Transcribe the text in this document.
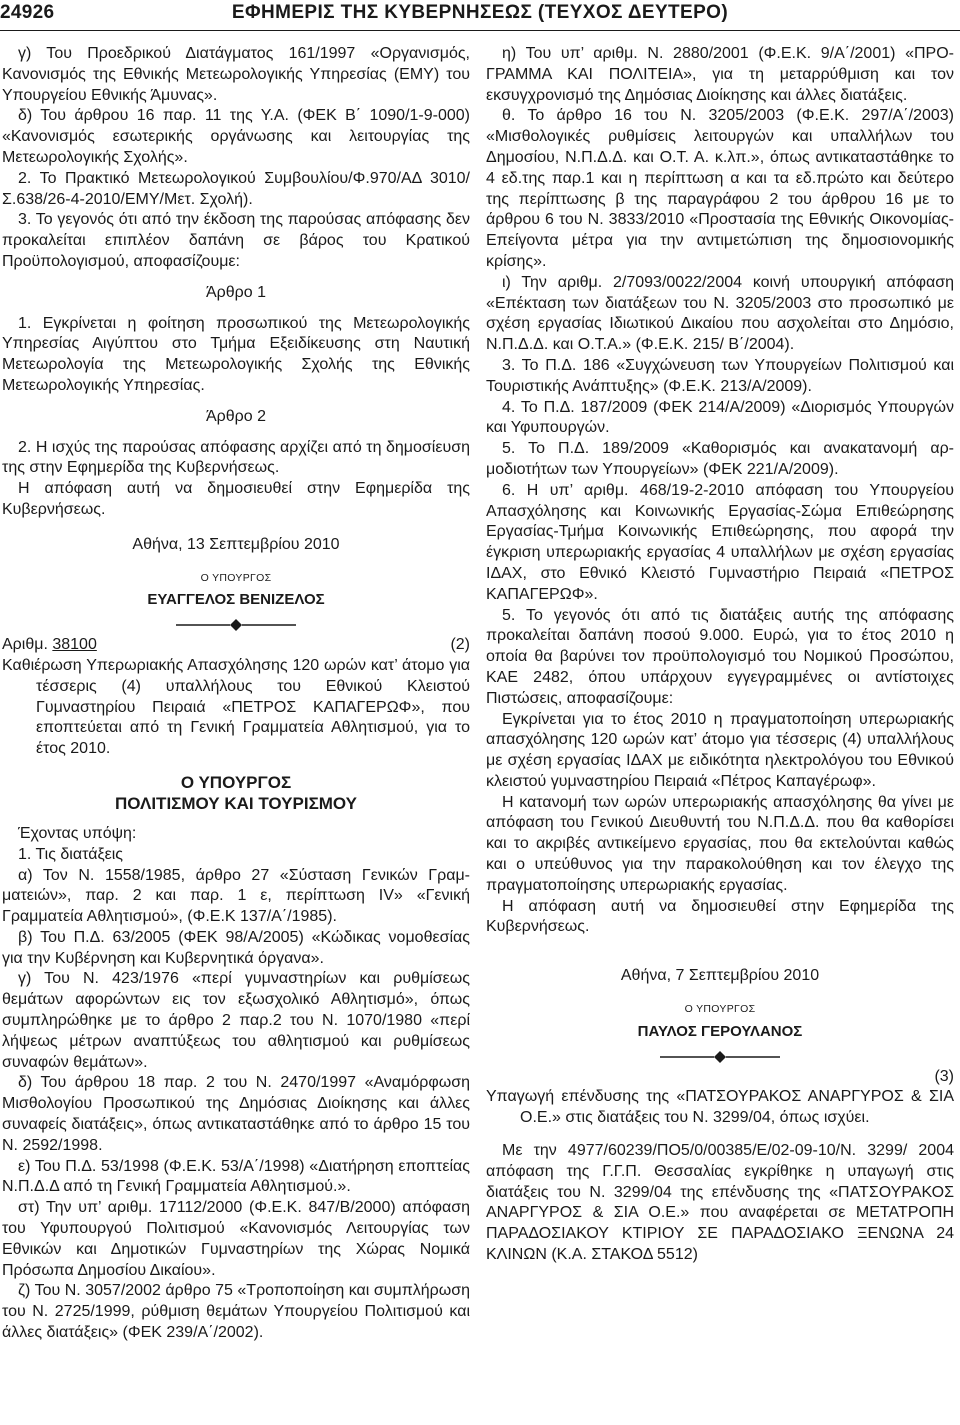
24926	ΕΦΗΜΕΡΙΣ ΤΗΣ ΚΥΒΕΡΝΗΣΕΩΣ (ΤΕΥΧΟΣ ΔΕΥΤΕΡΟ)

γ) Του Προεδρικού Διατάγματος 161/1997 «Οργανισμός, Κανονισμός της Εθνικής Μετεωρολογικής Υπηρεσίας (ΕΜΥ) του Υπουργείου Εθνικής Άμυνας».

δ) Του άρθρου 16 παρ. 11 της Υ.Α. (ΦΕΚ Β΄ 1090/1-9-000) «Κανονισμός εσωτερικής οργάνωσης και λειτουργίας της Μετεωρολογικής Σχολής».

2. Το Πρακτικό Μετεωρολογικού Συμβουλίου/Φ.970/ΑΔ 3010/Σ.638/26-4-2010/ΕΜΥ/Μετ. Σχολή).

3. Το γεγονός ότι από την έκδοση της παρούσας απόφασης δεν προκαλείται επιπλέον δαπάνη σε βάρος του Κρατικού Προϋπολογισμού, αποφασίζουμε:

Άρθρο 1

1. Εγκρίνεται η φοίτηση προσωπικού της Μετεωρολογικής Υπηρεσίας Αιγύπτου στο Τμήμα Εξειδίκευσης στη Ναυτική Μετεωρολογία της Μετεωρολογικής Σχολής της Εθνικής Μετεωρολογικής Υπηρεσίας.

Άρθρο 2

2. Η ισχύς της παρούσας απόφασης αρχίζει από τη δημοσίευση της στην Εφημερίδα της Κυβερνήσεως.

Η απόφαση αυτή να δημοσιευθεί στην Εφημερίδα της Κυβερνήσεως.

Αθήνα, 13 Σεπτεμβρίου 2010

Ο ΥΠΟΥΡΓΟΣ

ΕΥΑΓΓΕΛΟΣ ΒΕΝΙΖΕΛΟΣ

Αριθμ. 38100	(2)

Καθιέρωση Υπερωριακής Απασχόλησης 120 ωρών κατ’ άτομο για τέσσερις (4) υπαλλήλους του Εθνικού Κλειστού Γυμναστηρίου Πειραιά «ΠΕΤΡΟΣ ΚΑΠΑΓΕΡΩΦ», που εποπτεύεται από τη Γενική Γραμματεία Αθλητισμού, για το έτος 2010.

Ο ΥΠΟΥΡΓΟΣ

ΠΟΛΙΤΙΣΜΟΥ ΚΑΙ ΤΟΥΡΙΣΜΟΥ

Έχοντας υπόψη:

1. Τις διατάξεις

α) Τον Ν. 1558/1985, άρθρο 27 «Σύσταση Γενικών Γραμματειών», παρ. 2 και παρ. 1 ε, περίπτωση IV» «Γενική Γραμματεία Αθλητισμού», (Φ.Ε.Κ 137/Α΄/1985).

β) Του Π.Δ. 63/2005 (ΦΕΚ 98/Α/2005) «Κώδικας νομοθεσίας για την Κυβέρνηση και Κυβερνητικά όργανα».

γ) Του Ν. 423/1976 «περί γυμναστηρίων και ρυθμίσεως θεμάτων αφορώντων εις τον εξωσχολικό Αθλητισμό», όπως συμπληρώθηκε με το άρθρο 2 παρ.2 του Ν. 1070/1980 «περί λήψεως μέτρων αναπτύξεως του αθλητισμού και ρυθμίσεως συναφών θεμάτων».

δ) Του άρθρου 18 παρ. 2 του Ν. 2470/1997 «Αναμόρφωση Μισθολογίου Προσωπικού της Δημόσιας Διοίκησης και άλλες συναφείς διατάξεις», όπως αντικαταστάθηκε από το άρθρο 15 του Ν. 2592/1998.

ε) Του Π.Δ. 53/1998 (Φ.Ε.Κ. 53/Α΄/1998) «Διατήρηση εποπτείας Ν.Π.Δ.Δ από τη Γενική Γραμματεία Αθλητισμού.».

στ) Την υπ’ αριθμ. 17112/2000 (Φ.Ε.Κ. 847/Β/2000) απόφαση του Υφυπουργού Πολιτισμού «Κανονισμός Λειτουργίας των Εθνικών και Δημοτικών Γυμναστηρίων της Χώρας Νομικά Πρόσωπα Δημοσίου Δικαίου».

ζ) Του Ν. 3057/2002 άρθρο 75 «Τροποποίηση και συμπλήρωση του Ν. 2725/1999, ρύθμιση θεμάτων Υπουργείου Πολιτισμού και άλλες διατάξεις» (ΦΕΚ 239/Α΄/2002).

η) Του υπ’ αριθμ. Ν. 2880/2001 (Φ.Ε.Κ. 9/Α΄/2001) «ΠΡΟΓΡΑΜΜΑ ΚΑΙ ΠΟΛΙΤΕΙΑ», για τη μεταρρύθμιση και τον εκσυγχρονισμό της Δημόσιας Διοίκησης και άλλες διατάξεις.

θ. Το άρθρο 16 του Ν. 3205/2003 (Φ.Ε.Κ. 297/Α΄/2003) «Μισθολογικές ρυθμίσεις λειτουργών και υπαλλήλων του Δημοσίου, Ν.Π.Δ.Δ. και Ο.Τ. Α. κ.λπ.», όπως αντικαταστάθηκε το 4 εδ.της παρ.1 και η περίπτωση α και τα εδ.πρώτο και δεύτερο της περίπτωσης β της παραγράφου 2 του άρθρου 16 με το άρθρου 6 του Ν. 3833/2010 «Προστασία της Εθνικής Οικονομίας-Επείγοντα μέτρα για την αντιμετώπιση της δημοσιονομικής κρίσης».

ι) Την αριθμ. 2/7093/0022/2004 κοινή υπουργική απόφαση «Επέκταση των διατάξεων του Ν. 3205/2003 στο προσωπικό με σχέση εργασίας Ιδιωτικού Δικαίου που ασχολείται στο Δημόσιο, Ν.Π.Δ.Δ. και Ο.Τ.Α.» (Φ.Ε.Κ. 215/ Β΄/2004).

3. Το Π.Δ. 186 «Συγχώνευση των Υπουργείων Πολιτισμού και Τουριστικής Ανάπτυξης» (Φ.Ε.Κ. 213/Α/2009).

4. Το Π.Δ. 187/2009 (ΦΕΚ 214/Α/2009) «Διορισμός Υπουργών και Υφυπουργών.

5. Το Π.Δ. 189/2009 «Καθορισμός και ανακατανομή αρμοδιοτήτων των Υπουργείων» (ΦΕΚ 221/Α/2009).

6. Η υπ’ αριθμ. 468/19-2-2010 απόφαση του Υπουργείου Απασχόλησης και Κοινωνικής Εργασίας-Σώμα Επιθεώρησης Εργασίας-Τμήμα Κοινωνικής Επιθεώρησης, που αφορά την έγκριση υπερωριακής εργασίας 4 υπαλλήλων με σχέση εργασίας ΙΔΑΧ, στο Εθνικό Κλειστό Γυμναστήριο Πειραιά «ΠΕΤΡΟΣ ΚΑΠΑΓΕΡΩΦ».

5. Το γεγονός ότι από τις διατάξεις αυτής της απόφασης προκαλείται δαπάνη ποσού 9.000. Ευρώ, για το έτος 2010 η οποία θα βαρύνει τον προϋπολογισμό του Νομικού Προσώπου, ΚΑΕ 2482, όπου υπάρχουν εγγεγραμμένες οι αντίστοιχες Πιστώσεις, αποφασίζουμε:

Εγκρίνεται για το έτος 2010 η πραγματοποίηση υπερωριακής απασχόλησης 120 ωρών κατ’ άτομο για τέσσερις (4) υπαλλήλους με σχέση εργασίας ΙΔΑΧ με ειδικότητα ηλεκτρολόγου του Εθνικού κλειστού γυμναστηρίου Πειραιά «Πέτρος Καπαγέρωφ».

Η κατανομή των ωρών υπερωριακής απασχόλησης θα γίνει με απόφαση του Γενικού Διευθυντή του Ν.Π.Δ.Δ. που θα καθορίσει και το ακριβές αντικείμενο εργασίας, που θα εκτελούνται καθώς και ο υπεύθυνος για την παρακολούθηση και τον έλεγχο της πραγματοποίησης υπερωριακής εργασίας.

Η απόφαση αυτή να δημοσιευθεί στην Εφημερίδα της Κυβερνήσεως.

Αθήνα, 7 Σεπτεμβρίου 2010

Ο ΥΠΟΥΡΓΟΣ

ΠΑΥΛΟΣ ΓΕΡΟΥΛΑΝΟΣ

(3)

Υπαγωγή επένδυσης της «ΠΑΤΣΟΥΡΑΚΟΣ ΑΝΑΡΓΥΡΟΣ & ΣΙΑ Ο.Ε.» στις διατάξεις του Ν. 3299/04, όπως ισχύει.

Με την 4977/60239/ΠΟ5/0/00385/Ε/02-09-10/Ν. 3299/ 2004 απόφαση της Γ.Γ.Π. Θεσσαλίας εγκρίθηκε η υπαγωγή στις διατάξεις του Ν. 3299/04 της επένδυσης της «ΠΑΤΣΟΥΡΑΚΟΣ ΑΝΑΡΓΥΡΟΣ & ΣΙΑ Ο.Ε.» που αναφέρεται σε ΜΕΤΑΤΡΟΠΗ ΠΑΡΑΔΟΣΙΑΚΟΥ ΚΤΙΡΙΟΥ ΣΕ ΠΑΡΑΔΟΣΙΑΚΟ ΞΕΝΩΝΑ 24 ΚΛΙΝΩΝ (Κ.Α. ΣΤΑΚΟΔ 5512)
